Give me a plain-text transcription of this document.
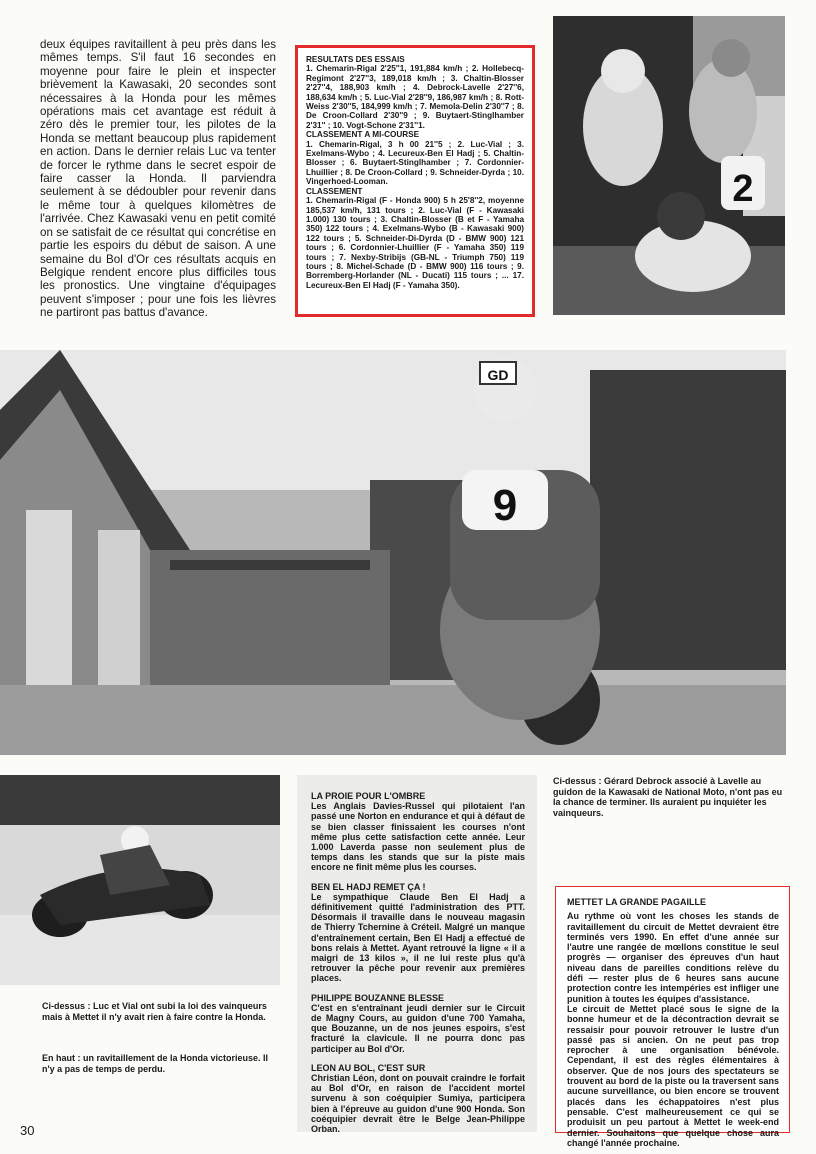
deux équipes ravitaillent à peu près dans les mêmes temps. S'il faut 16 secondes en moyenne pour faire le plein et inspecter brièvement la Kawasaki, 20 secondes sont nécessaires à la Honda pour les mêmes opérations mais cet avantage est réduit à zéro dès le premier tour, les pilotes de la Honda se mettant beaucoup plus rapidement en action. Dans le dernier relais Luc va tenter de forcer le rythme dans le secret espoir de faire casser la Honda. Il parviendra seulement à se dédoubler pour revenir dans le même tour à quelques kilomètres de l'arrivée. Chez Kawasaki venu en petit comité on se satisfait de ce résultat qui concrétise en partie les espoirs du début de saison. A une semaine du Bol d'Or ces résultats acquis en Belgique rendent encore plus difficiles tous les pronostics. Une vingtaine d'équipages peuvent s'imposer ; pour une fois les lièvres ne partiront pas battus d'avance.
RESULTATS DES ESSAIS
1. Chemarin-Rigal 2'25''1, 191,884 km/h ; 2. Hollebecq-Regimont 2'27''3, 189,018 km/h ; 3. Chaltin-Blosser 2'27''4, 188,903 km/h ; 4. Debrock-Lavelle 2'27''6, 188,634 km/h ; 5. Luc-Vial 2'28''9, 186,987 km/h ; 8. Rott-Weiss 2'30''5, 184,999 km/h ; 7. Memola-Delin 2'30''7 ; 8. De Croon-Collard 2'30''9 ; 9. Buytaert-Stinglhamber 2'31'' ; 10. Vogt-Schone 2'31''1.
CLASSEMENT A MI-COURSE
1. Chemarin-Rigal, 3 h 00 21''5 ; 2. Luc-Vial ; 3. Exelmans-Wybo ; 4. Lecureux-Ben El Hadj ; 5. Chaltin-Blosser ; 6. Buytaert-Stinglhamber ; 7. Cordonnier-Lhuillier ; 8. De Croon-Collard ; 9. Schneider-Dyrda ; 10. Vingerhoed-Looman.
CLASSEMENT
1. Chemarin-Rigal (F - Honda 900) 5 h 25'8''2, moyenne 185,537 km/h, 131 tours ; 2. Luc-Vial (F - Kawasaki 1.000) 130 tours ; 3. Chaltin-Blosser (B et F - Yamaha 350) 122 tours ; 4. Exelmans-Wybo (B - Kawasaki 900) 122 tours ; 5. Schneider-Di-Dyrda (D - BMW 900) 121 tours ; 6. Cordonnier-Lhuillier (F - Yamaha 350) 119 tours ; 7. Nexby-Stribijs (GB-NL - Triumph 750) 119 tours ; 8. Michel-Schade (D - BMW 900) 116 tours ; 9. Borremberg-Horlander (NL - Ducati) 115 tours ; ... 17. Lecureux-Ben El Hadj (F - Yamaha 350).
2
GD
9
Ci-dessus : Gérard Debrock associé à Lavelle au guidon de la Kawasaki de National Moto, n'ont pas eu la chance de terminer. Ils auraient pu inquiéter les vainqueurs.
LA PROIE POUR L'OMBRE
Les Anglais Davies-Russel qui pilotaient l'an passé une Norton en endurance et qui à défaut de se bien classer finissaient les courses n'ont même plus cette satisfaction cette année. Leur 1.000 Laverda passe non seulement plus de temps dans les stands que sur la piste mais encore ne finit même plus les courses.
BEN EL HADJ REMET ÇA !
Le sympathique Claude Ben El Hadj a définitivement quitté l'administration des PTT. Désormais il travaille dans le nouveau magasin de Thierry Tchernine à Créteil. Malgré un manque d'entraînement certain, Ben El Hadj a effectué de bons relais à Mettet. Ayant retrouvé la ligne « il a maigri de 13 kilos », il ne lui reste plus qu'à retrouver la pêche pour revenir aux premières places.
PHILIPPE BOUZANNE BLESSE
C'est en s'entraînant jeudi dernier sur le Circuit de Magny Cours, au guidon d'une 700 Yamaha, que Bouzanne, un de nos jeunes espoirs, s'est fracturé la clavicule. Il ne pourra donc pas participer au Bol d'Or.
LEON AU BOL, C'EST SUR
Christian Léon, dont on pouvait craindre le forfait au Bol d'Or, en raison de l'accident mortel survenu à son coéquipier Sumiya, participera bien à l'épreuve au guidon d'une 900 Honda. Son coéquipier devrait être le Belge Jean-Philippe Orban.
Ci-dessus : Luc et Vial ont subi la loi des vainqueurs mais à Mettet il n'y avait rien à faire contre la Honda.
En haut : un ravitaillement de la Honda victorieuse. Il n'y a pas de temps de perdu.
METTET LA GRANDE PAGAILLE
Au rythme où vont les choses les stands de ravitaillement du circuit de Mettet devraient être terminés vers 1990. En effet d'une année sur l'autre une rangée de mœllons constitue le seul progrès — organiser des épreuves d'un haut niveau dans de pareilles conditions relève du défi — rester plus de 6 heures sans aucune protection contre les intempéries est infliger une punition à toutes les équipes d'assistance.
Le circuit de Mettet placé sous le signe de la bonne humeur et de la décontraction devrait se ressaisir pour pouvoir retrouver le lustre d'un passé pas si ancien. On ne peut pas trop reprocher à une organisation bénévole. Cependant, il est des règles élémentaires à observer. Que de nos jours des spectateurs se trouvent au bord de la piste ou la traversent sans aucune surveillance, ou bien encore se trouvent placés dans les échappatoires n'est plus pensable. C'est malheureusement ce qui se produisit un peu partout à Mettet le week-end dernier. Souhaitons que quelque chose aura changé l'année prochaine.
30
